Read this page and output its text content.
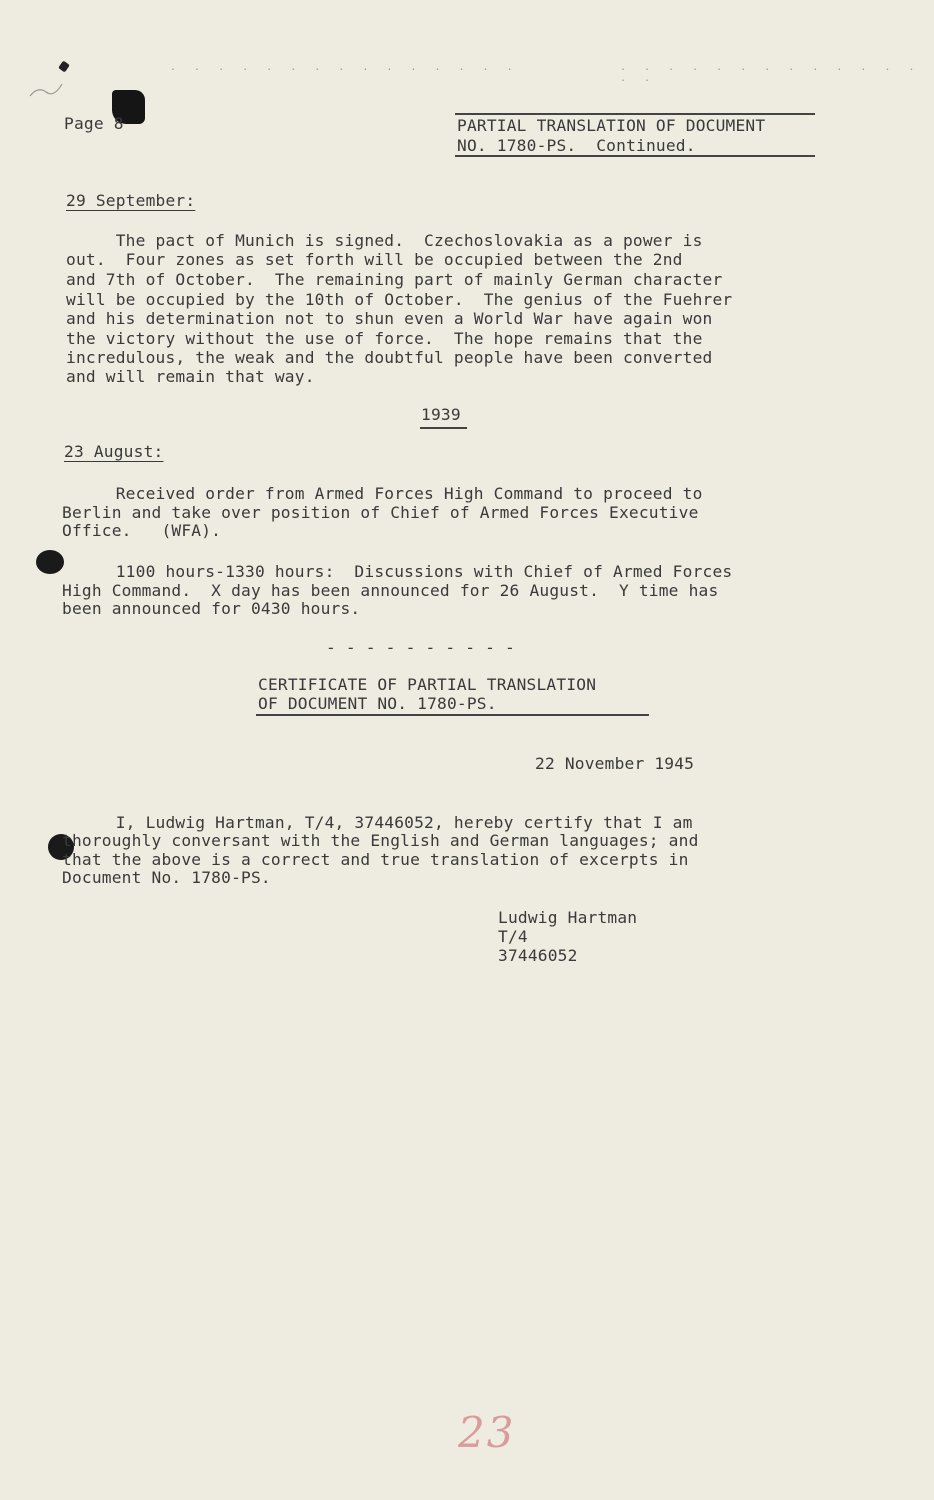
. . . . . . . . . . . . . . .	. . . . . . . . . . . . . . .
Page 8	PARTIAL TRANSLATION OF DOCUMENT
NO. 1780-PS.  Continued.
29 September:
The pact of Munich is signed.  Czechoslovakia as a power is
out.  Four zones as set forth will be occupied between the 2nd
and 7th of October.  The remaining part of mainly German character
will be occupied by the 10th of October.  The genius of the Fuehrer
and his determination not to shun even a World War have again won
the victory without the use of force.  The hope remains that the
incredulous, the weak and the doubtful people have been converted
and will remain that way.
1939
23 August:
Received order from Armed Forces High Command to proceed to
Berlin and take over position of Chief of Armed Forces Executive
Office.   (WFA).
1100 hours-1330 hours:  Discussions with Chief of Armed Forces
High Command.  X day has been announced for 26 August.  Y time has
been announced for 0430 hours.
- - - - - - - - - -
CERTIFICATE OF PARTIAL TRANSLATION
OF DOCUMENT NO. 1780-PS.
22 November 1945
I, Ludwig Hartman, T/4, 37446052, hereby certify that I am
thoroughly conversant with the English and German languages; and
that the above is a correct and true translation of excerpts in
Document No. 1780-PS.
Ludwig Hartman
T/4
37446052
23
